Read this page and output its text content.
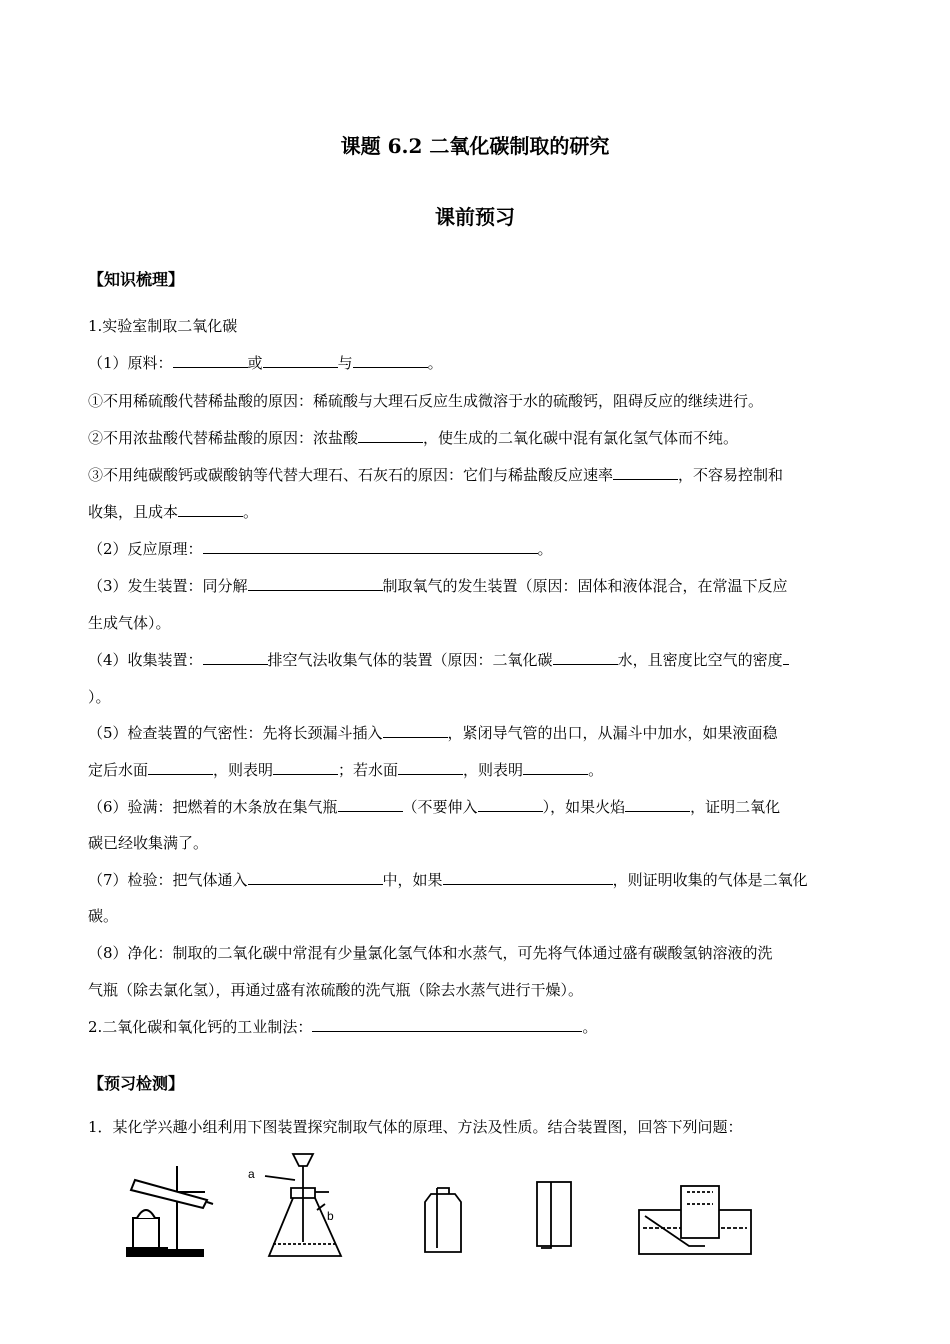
课题 6.2 二氧化碳制取的研究
课前预习
【知识梳理】
1.实验室制取二氧化碳
（1）原料：	或	与	。
①不用稀硫酸代替稀盐酸的原因：稀硫酸与大理石反应生成微溶于水的硫酸钙，阻碍反应的继续进行。
②不用浓盐酸代替稀盐酸的原因：浓盐酸	，使生成的二氧化碳中混有氯化氢气体而不纯。
③不用纯碳酸钙或碳酸钠等代替大理石、石灰石的原因：它们与稀盐酸反应速率	，不容易控制和
收集，且成本	。
（2）反应原理：	。
（3）发生装置：同分解	制取氧气的发生装置（原因：固体和液体混合，在常温下反应
生成气体）。
（4）收集装置：	排空气法收集气体的装置（原因：二氧化碳	水，且密度比空气的密度
）。
（5）检查装置的气密性：先将长颈漏斗插入	，紧闭导气管的出口，从漏斗中加水，如果液面稳
定后水面	，则表明	；若水面	，则表明	。
（6）验满：把燃着的木条放在集气瓶	（不要伸入	），如果火焰	，证明二氧化
碳已经收集满了。
（7）检验：把气体通入	中，如果	，则证明收集的气体是二氧化
碳。
（8）净化：制取的二氧化碳中常混有少量氯化氢气体和水蒸气，可先将气体通过盛有碳酸氢钠溶液的洗
气瓶（除去氯化氢），再通过盛有浓硫酸的洗气瓶（除去水蒸气进行干燥）。
2.二氧化碳和氧化钙的工业制法：	。
【预习检测】
1．某化学兴趣小组利用下图装置探究制取气体的原理、方法及性质。结合装置图，回答下列问题：
a
b
